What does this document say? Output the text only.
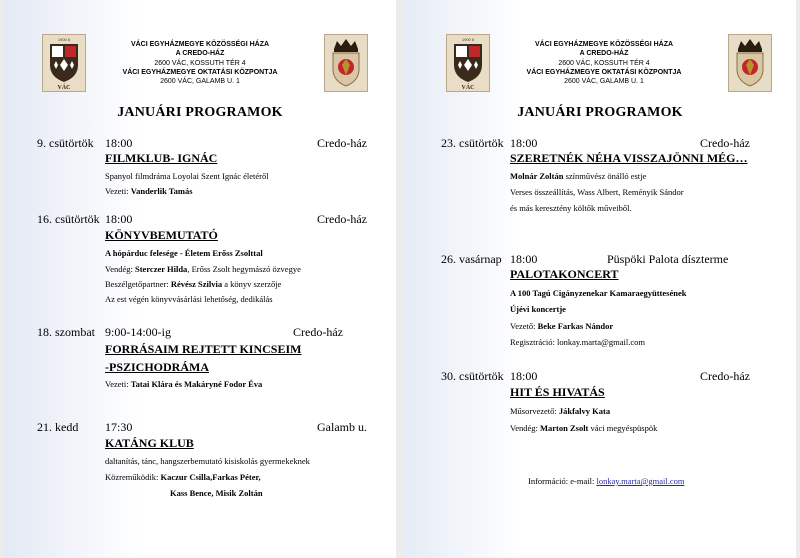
1900 6
VÁC
VÁCI EGYHÁZMEGYE KÖZÖSSÉGI HÁZA
A CREDO-HÁZ
2600 VÁC, KOSSUTH TÉR 4
VÁCI EGYHÁZMEGYE OKTATÁSI KÖZPONTJA
2600 VÁC, GALAMB U. 1
JANUÁRI PROGRAMOK
9. csütörtök 18:00	Credo-ház
FILMKLUB- IGNÁC
Spanyol filmdráma Loyolai Szent Ignác életéről
Vezeti: Vanderlik Tamás
16. csütörtök 18:00	Credo-ház
KÖNYVBEMUTATÓ
A hópárduc felesége - Életem Erőss Zsolttal
Vendég: Sterczer Hilda, Erőss Zsolt hegymászó özvegye
Beszélgetőpartner: Révész Szilvia a könyv szerzője
Az est végén könyvvásárlási lehetőség, dedikálás
18. szombat 9:00-14:00-ig	Credo-ház
FORRÁSAIM REJTETT KINCSEIM
-PSZICHODRÁMA
Vezeti: Tatai Klára és Makáryné Fodor Éva
21. kedd 17:30	Galamb u.
KATÁNG KLUB
daltanítás, tánc, hangszerbemutató kisiskolás gyermekeknek
Közreműködik: Kaczur Csilla,Farkas Péter,
Kass Bence, Misik Zoltán
1900 6
VÁC
VÁCI EGYHÁZMEGYE KÖZÖSSÉGI HÁZA
A CREDO-HÁZ
2600 VÁC, KOSSUTH TÉR 4
VÁCI EGYHÁZMEGYE OKTATÁSI KÖZPONTJA
2600 VÁC, GALAMB U. 1
JANUÁRI PROGRAMOK
23. csütörtök 18:00	Credo-ház
SZERETNÉK NÉHA VISSZAJÖNNI MÉG…
Molnár Zoltán színművész önálló estje
Verses összeállítás, Wass Albert, Reményik Sándor
és más keresztény költők műveiből.
26. vasárnap 18:00	Püspöki Palota díszterme
PALOTAKONCERT
A 100 Tagú Cigányzenekar Kamaraegyüttesének
Újévi koncertje
Vezető: Beke Farkas Nándor
Regisztráció: lonkay.marta@gmail.com
30. csütörtök 18:00	Credo-ház
HIT ÉS HIVATÁS
Műsorvezető: Jákfalvy Kata
Vendég: Marton Zsolt váci megyéspüspök
Információ: e-mail: lonkay.marta@gmail.com
